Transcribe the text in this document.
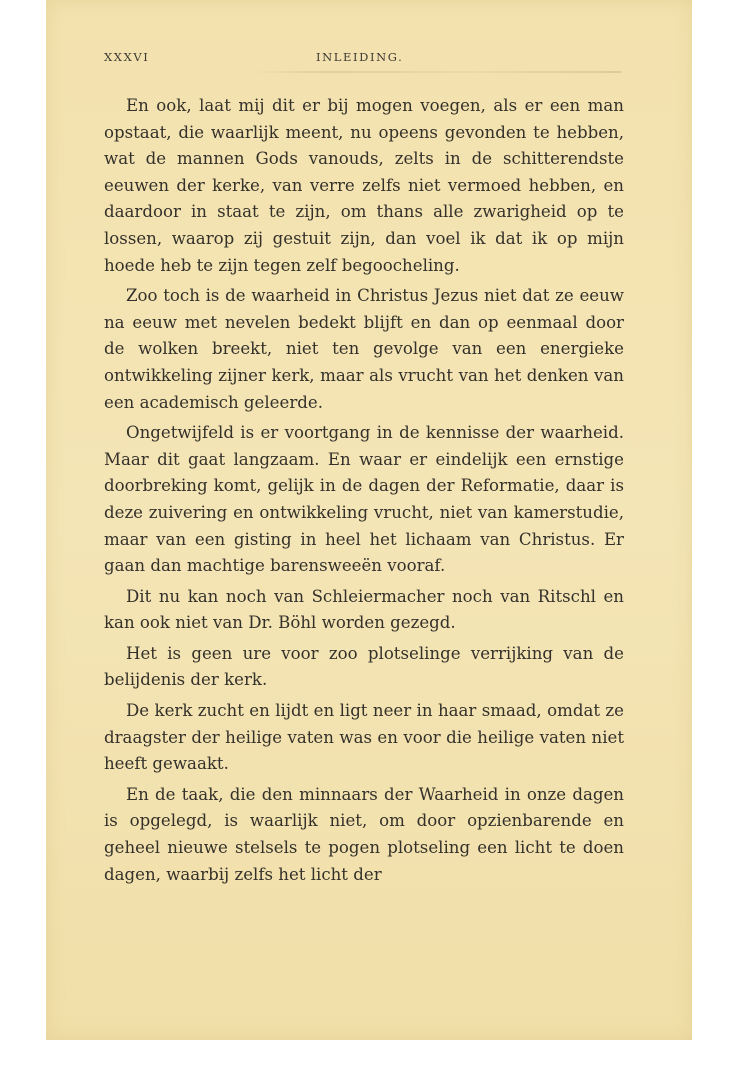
XXXVI	INLEIDING.

En ook, laat mij dit er bij mogen voegen, als er een man opstaat, die waarlijk meent, nu opeens gevonden te hebben, wat de mannen Gods vanouds, zelts in de schitterendste eeuwen der kerke, van verre zelfs niet vermoed hebben, en daardoor in staat te zijn, om thans alle zwarigheid op te lossen, waarop zij gestuit zijn, dan voel ik dat ik op mijn hoede heb te zijn tegen zelf begoocheling.

Zoo toch is de waarheid in Christus Jezus niet dat ze eeuw na eeuw met nevelen bedekt blijft en dan op eenmaal door de wolken breekt, niet ten gevolge van een energieke ontwikkeling zijner kerk, maar als vrucht van het denken van een academisch geleerde.

Ongetwijfeld is er voortgang in de kennisse der waarheid. Maar dit gaat langzaam. En waar er eindelijk een ernstige doorbreking komt, gelijk in de dagen der Reformatie, daar is deze zuivering en ontwikkeling vrucht, niet van kamerstudie, maar van een gisting in heel het lichaam van Christus. Er gaan dan machtige barensweeën vooraf.

Dit nu kan noch van Schleiermacher noch van Ritschl en kan ook niet van Dr. Böhl worden gezegd.

Het is geen ure voor zoo plotselinge verrijking van de belijdenis der kerk.

De kerk zucht en lijdt en ligt neer in haar smaad, omdat ze draagster der heilige vaten was en voor die heilige vaten niet heeft gewaakt.

En de taak, die den minnaars der Waarheid in onze dagen is opgelegd, is waarlijk niet, om door opzienbarende en geheel nieuwe stelsels te pogen plotseling een licht te doen dagen, waarbij zelfs het licht der
